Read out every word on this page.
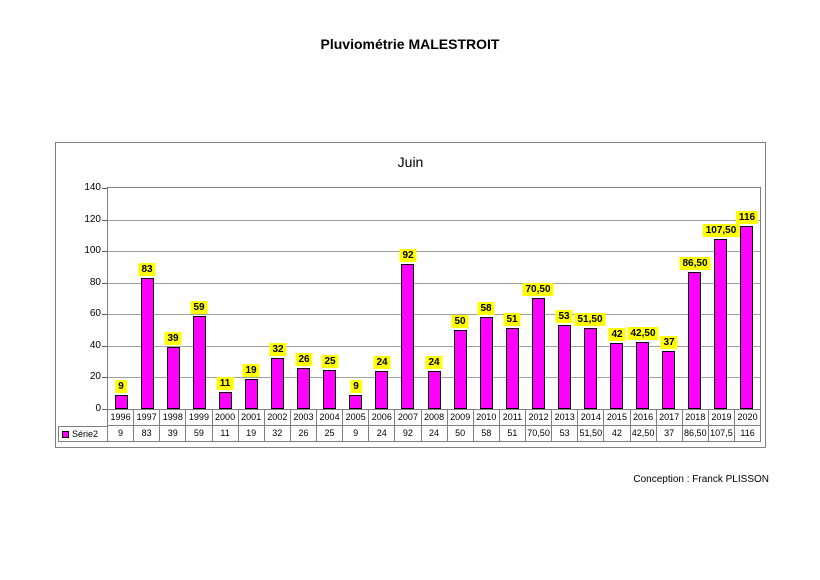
Pluviométrie MALESTROIT
Juin
9
83
39
59
11
19
32
26	25
9
24
92
24
50
58
51
70,50
53 51,50
42 42,50
37
86,50
107,50
116
0
20
40
60
80
100
120
140
1996 1997 1998 1999 2000 2001 2002 2003 2004 2005 2006 2007 2008 2009 2010 2011 2012 2013 2014 2015 2016 2017 2018 2019 2020
Série2	9	83	39	59	11	19	32	26	25	9	24	92	24	50	58	51	70,50	53	51,50	42	42,50	37	86,50 107,5 116
Conception : Franck PLISSON
